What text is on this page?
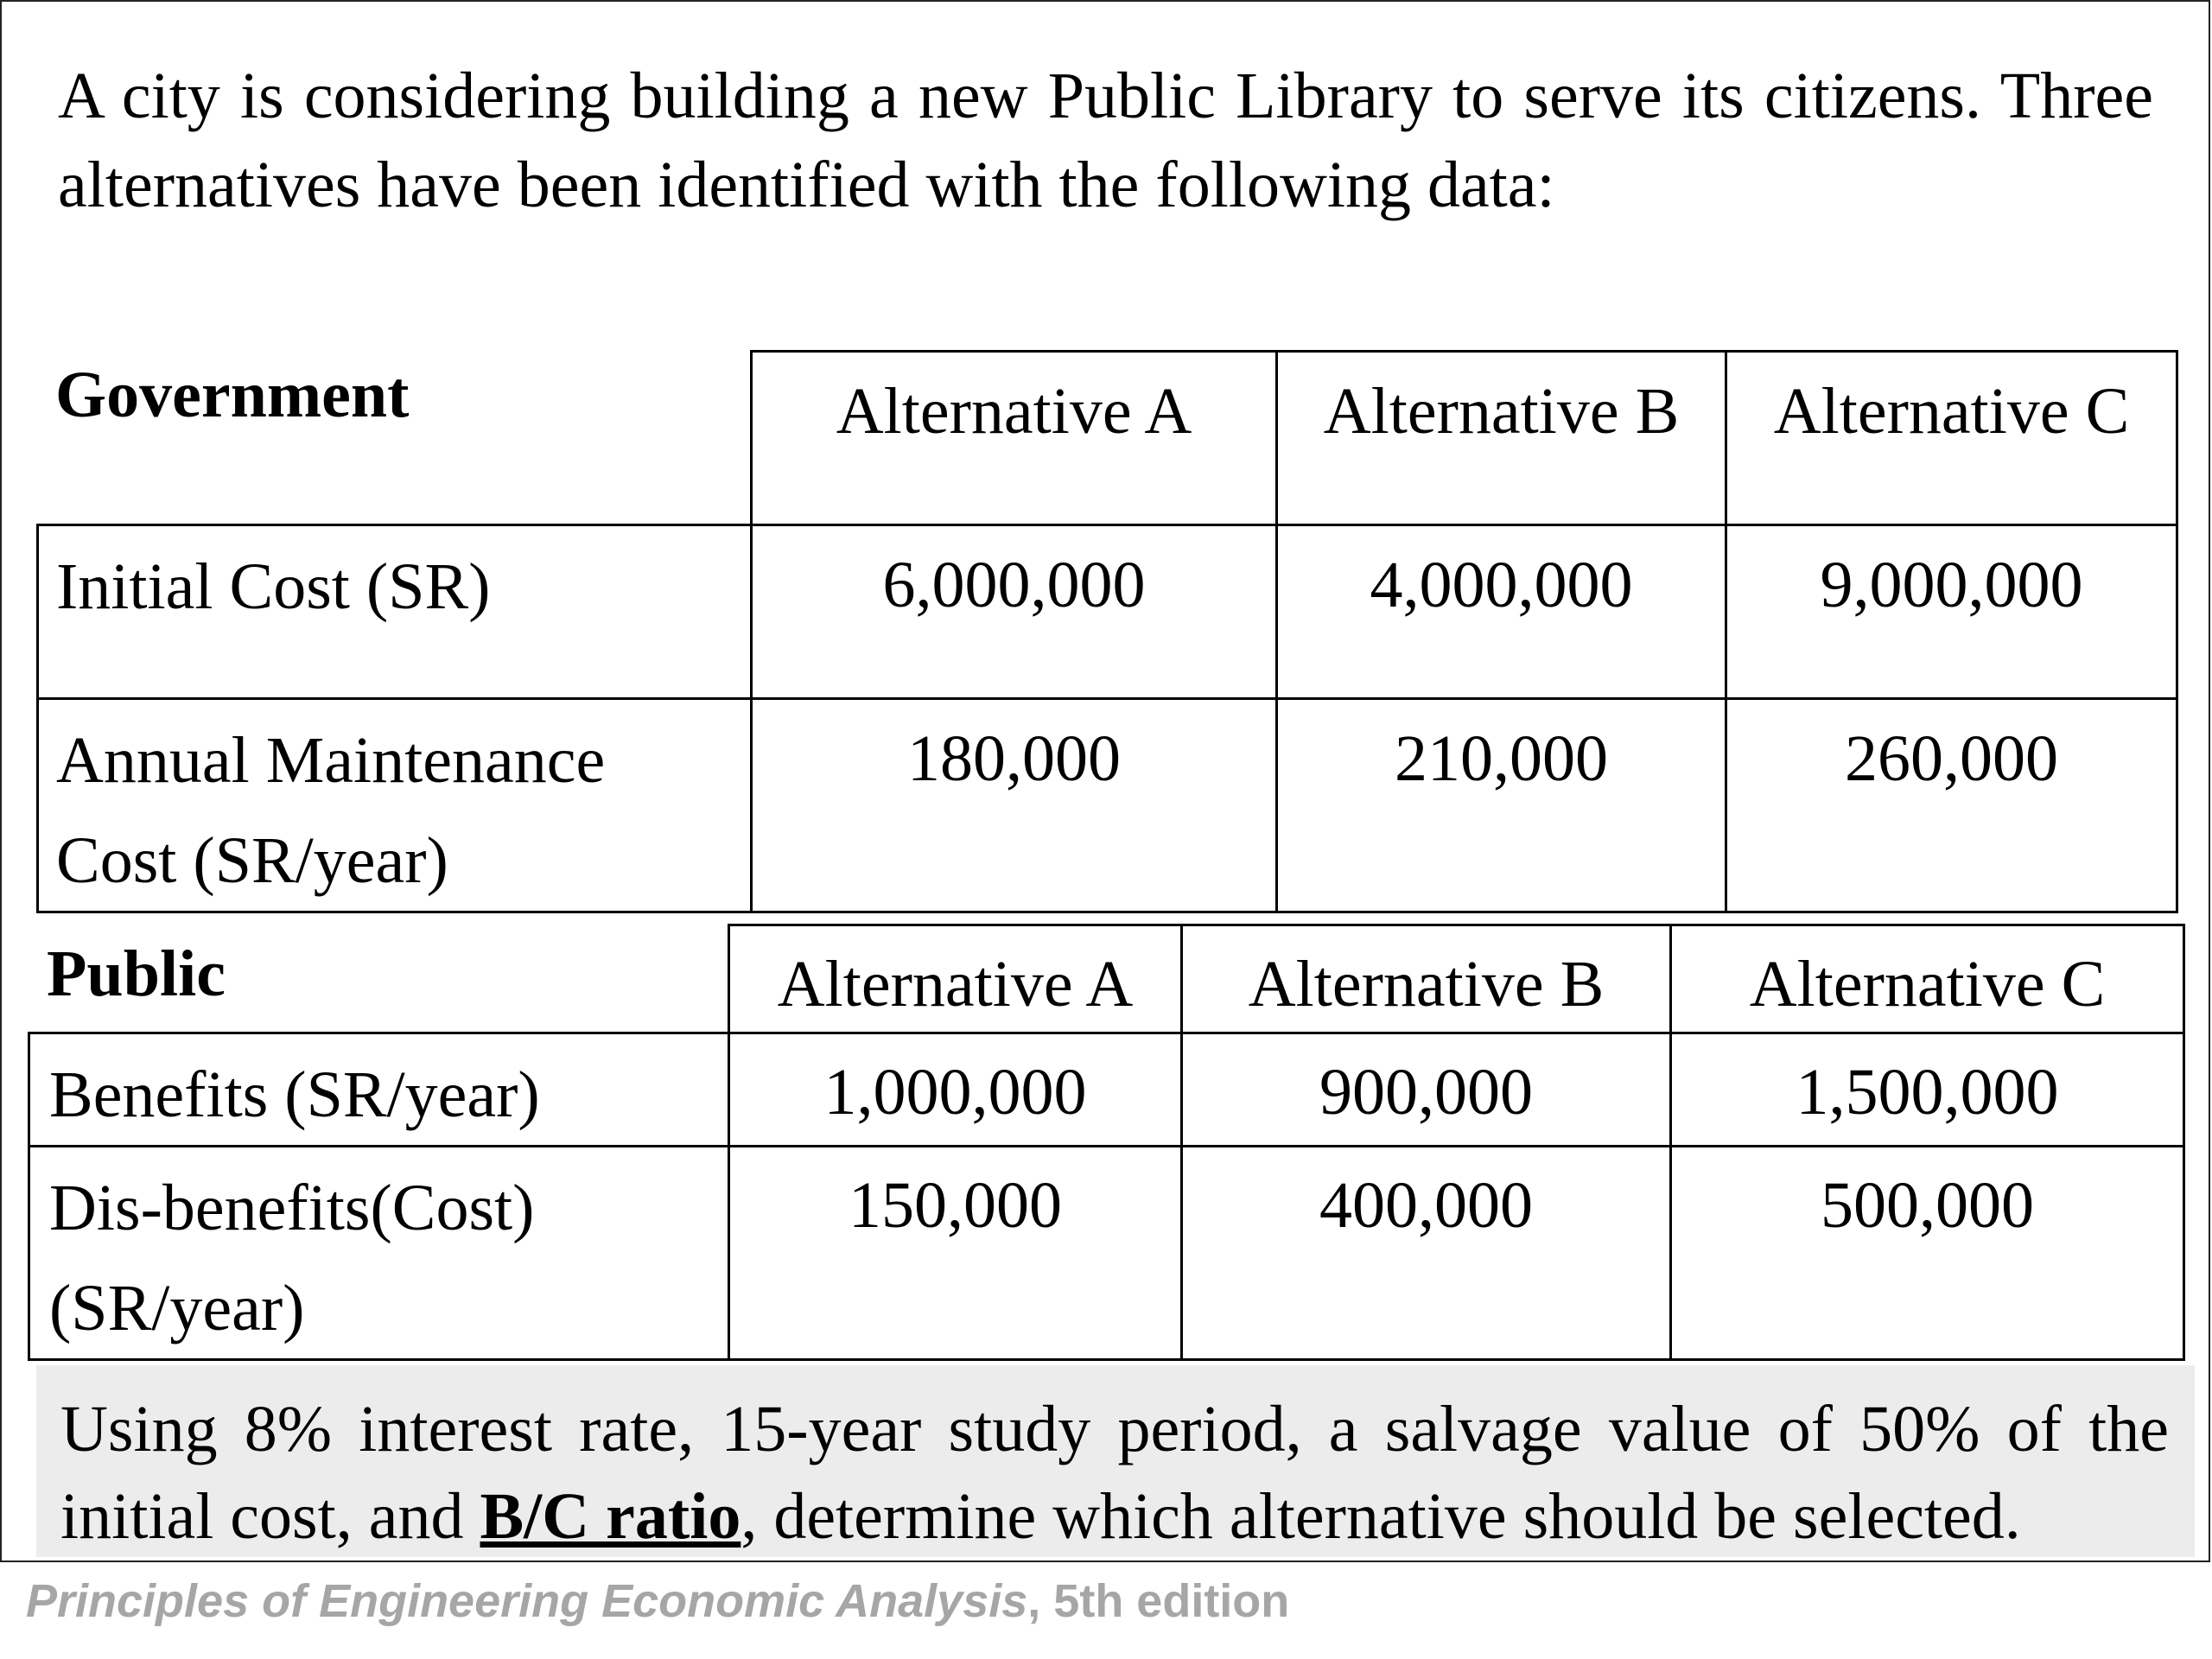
A city is considering building a new Public Library to serve its citizens. Three alternatives have been identified with the following data:
Government

	Alternative A	Alternative B	Alternative C

Initial Cost (SR)	6,000,000	4,000,000	9,000,000

Annual Maintenance
Cost (SR/year)	180,000	210,000	260,000
Public

	Alternative A	Alternative B	Alternative C

Benefits (SR/year)	1,000,000	900,000	1,500,000

Dis-benefits(Cost)
(SR/year)	150,000	400,000	500,000
Using 8% interest rate, 15-year study period, a salvage value of 50% of the initial cost, and B/C ratio, determine which alternative should be selected.
Principles of Engineering Economic Analysis, 5th edition
